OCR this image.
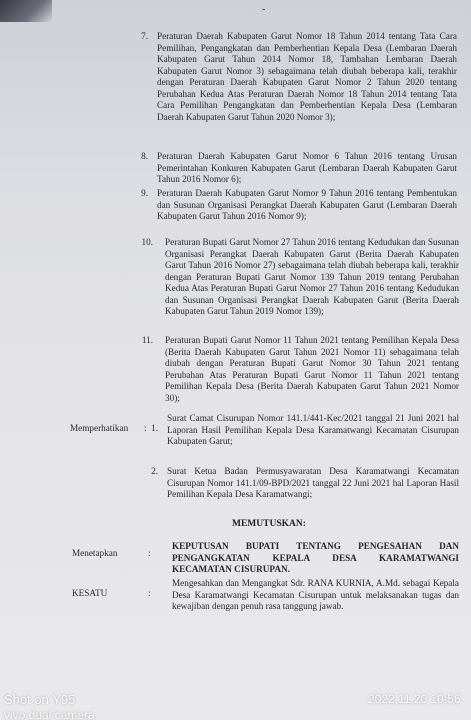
-
7. Peraturan Daerah Kabupaten Garut Nomor 18 Tahun 2014 tentang Tata Cara Pemilihan, Pengangkatan dan Pemberhentian Kepala Desa (Lembaran Daerah Kabupaten Garut Tahun 2014 Nomor 18, Tambahan Lembaran Daerah Kabupaten Garut Nomor 3) sebagaimana telah diubah beberapa kali, terakhir dengan Peraturan Daerah Kabupaten Garut Nomor 2 Tahun 2020 tentang Perubahan Kedua Atas Peraturan Daerah Nomor 18 Tahun 2014 tentang Tata Cara Pemilihan Pengangkatan dan Pemberhentian Kepala Desa (Lembaran Daerah Kabupaten Garut Tahun 2020 Nomor 3);
8. Peraturan Daerah Kabupaten Garut Nomor 6 Tahun 2016 tentang Urusan Pemerintahan Konkuren Kabupaten Garut (Lembaran Daerah Kabupaten Garut Tahun 2016 Nomor 6);
9. Peraturan Daerah Kabupaten Garut Nomor 9 Tahun 2016 tentang Pembentukan dan Susunan Organisasi Perangkat Daerah Kabupaten Garut (Lembaran Daerah Kabupaten Garut Tahun 2016 Nomor 9);
10. Peraturan Bupati Garut Nomor 27 Tahun 2016 tentang Kedudukan dan Susunan Organisasi Perangkat Daerah Kabupaten Garut (Berita Daerah Kabupaten Garut Tahun 2016 Nomor 27) sebagaimana telah diubah beberapa kali, terakhir dengan Peraturan Bupati Garut Nomor 139 Tahun 2019 tentang Perubahan Kedua Atas Peraturan Bupati Garut Nomor 27 Tahun 2016 tentang Kedudukan dan Susunan Organisasi Perangkat Daerah Kabupaten Garut (Berita Daerah Kabupaten Garut Tahun 2019 Nomor 139);
11. Peraturan Bupati Garut Nomor 11 Tahun 2021 tentang Pemilihan Kepala Desa (Berita Daerah Kabupaten Garut Tahun 2021 Nomor 11) sebagaimana telah diubah dengan Peraturan Bupati Garut Nomor 30 Tahun 2021 tentang Perubahan Atas Peraturan Bupati Garut Nomor 11 Tahun 2021 tentang Pemilihan Kepala Desa (Berita Daerah Kabupaten Garut Tahun 2021 Nomor 30);
Memperhatikan : 1.
Surat Camat Cisurupan Nomor 141.1/441-Kec/2021 tanggal 21 Juni 2021 hal Laporan Hasil Pemilihan Kepala Desa Karamatwangi Kecamatan Cisurupan Kabupaten Garut;
2. Surat Ketua Badan Permusyawaratan Desa Karamatwangi Kecamatan Cisurupan Nomor 141.1/09-BPD/2021 tanggal 22 Juni 2021 hal Laporan Hasil Pemilihan Kepala Desa Karamatwangi;
MEMUTUSKAN:
Menetapkan	:
KEPUTUSAN BUPATI TENTANG PENGESAHAN DAN PENGANGKATAN KEPALA DESA KARAMATWANGI KECAMATAN CISURUPAN.
KESATU	:
Mengesahkan dan Mengangkat Sdr. RANA KURNIA, A.Md. sebagai Kepala Desa Karamatwangi Kecamatan Cisurupan untuk melaksanakan tugas dan kewajiban dengan penuh rasa tanggung jawab.
Shot on Y95
vivo dual camera
2022.11.20 10:56
